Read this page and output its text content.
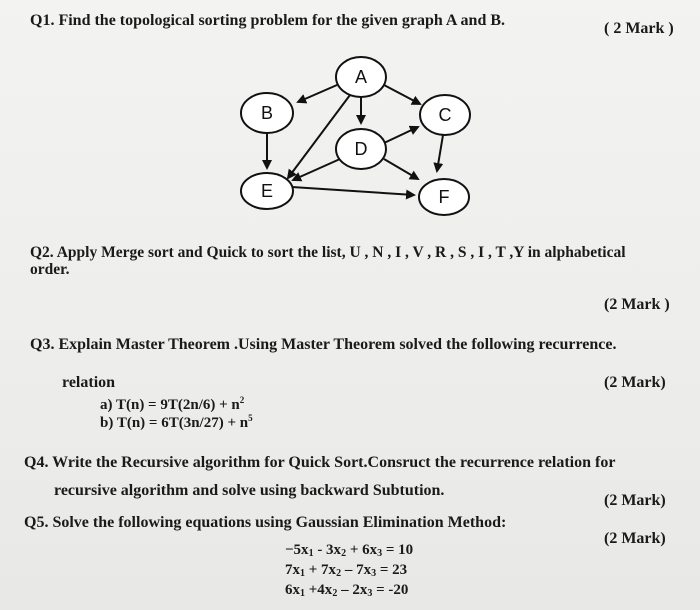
Q1. Find the topological sorting problem for the given graph A and B.	( 2 Mark )
A
B	C
D
E	F
Q2. Apply Merge sort and Quick to sort the list, U , N , I , V , R , S , I , T ,Y in alphabetical
order.
(2 Mark )
Q3. Explain Master Theorem .Using Master Theorem solved the following recurrence.
relation	(2 Mark)
a) $T(n) = 9T(2n/6) + n^2$
b) $T(n) = 6T(3n/27) + n^5$
Q4. Write the Recursive algorithm for Quick Sort.Consruct the recurrence relation for
recursive algorithm and solve using backward Subtution.
(2 Mark)
Q5. Solve the following equations using Gaussian Elimination Method:
(2 Mark)
$-5x_1 - 3x_2 + 6x_3 = 10$
$7x_1 + 7x_2 - 7x_3 = 23$
$6x_1 +4x_2 - 2x_3 = -20$
